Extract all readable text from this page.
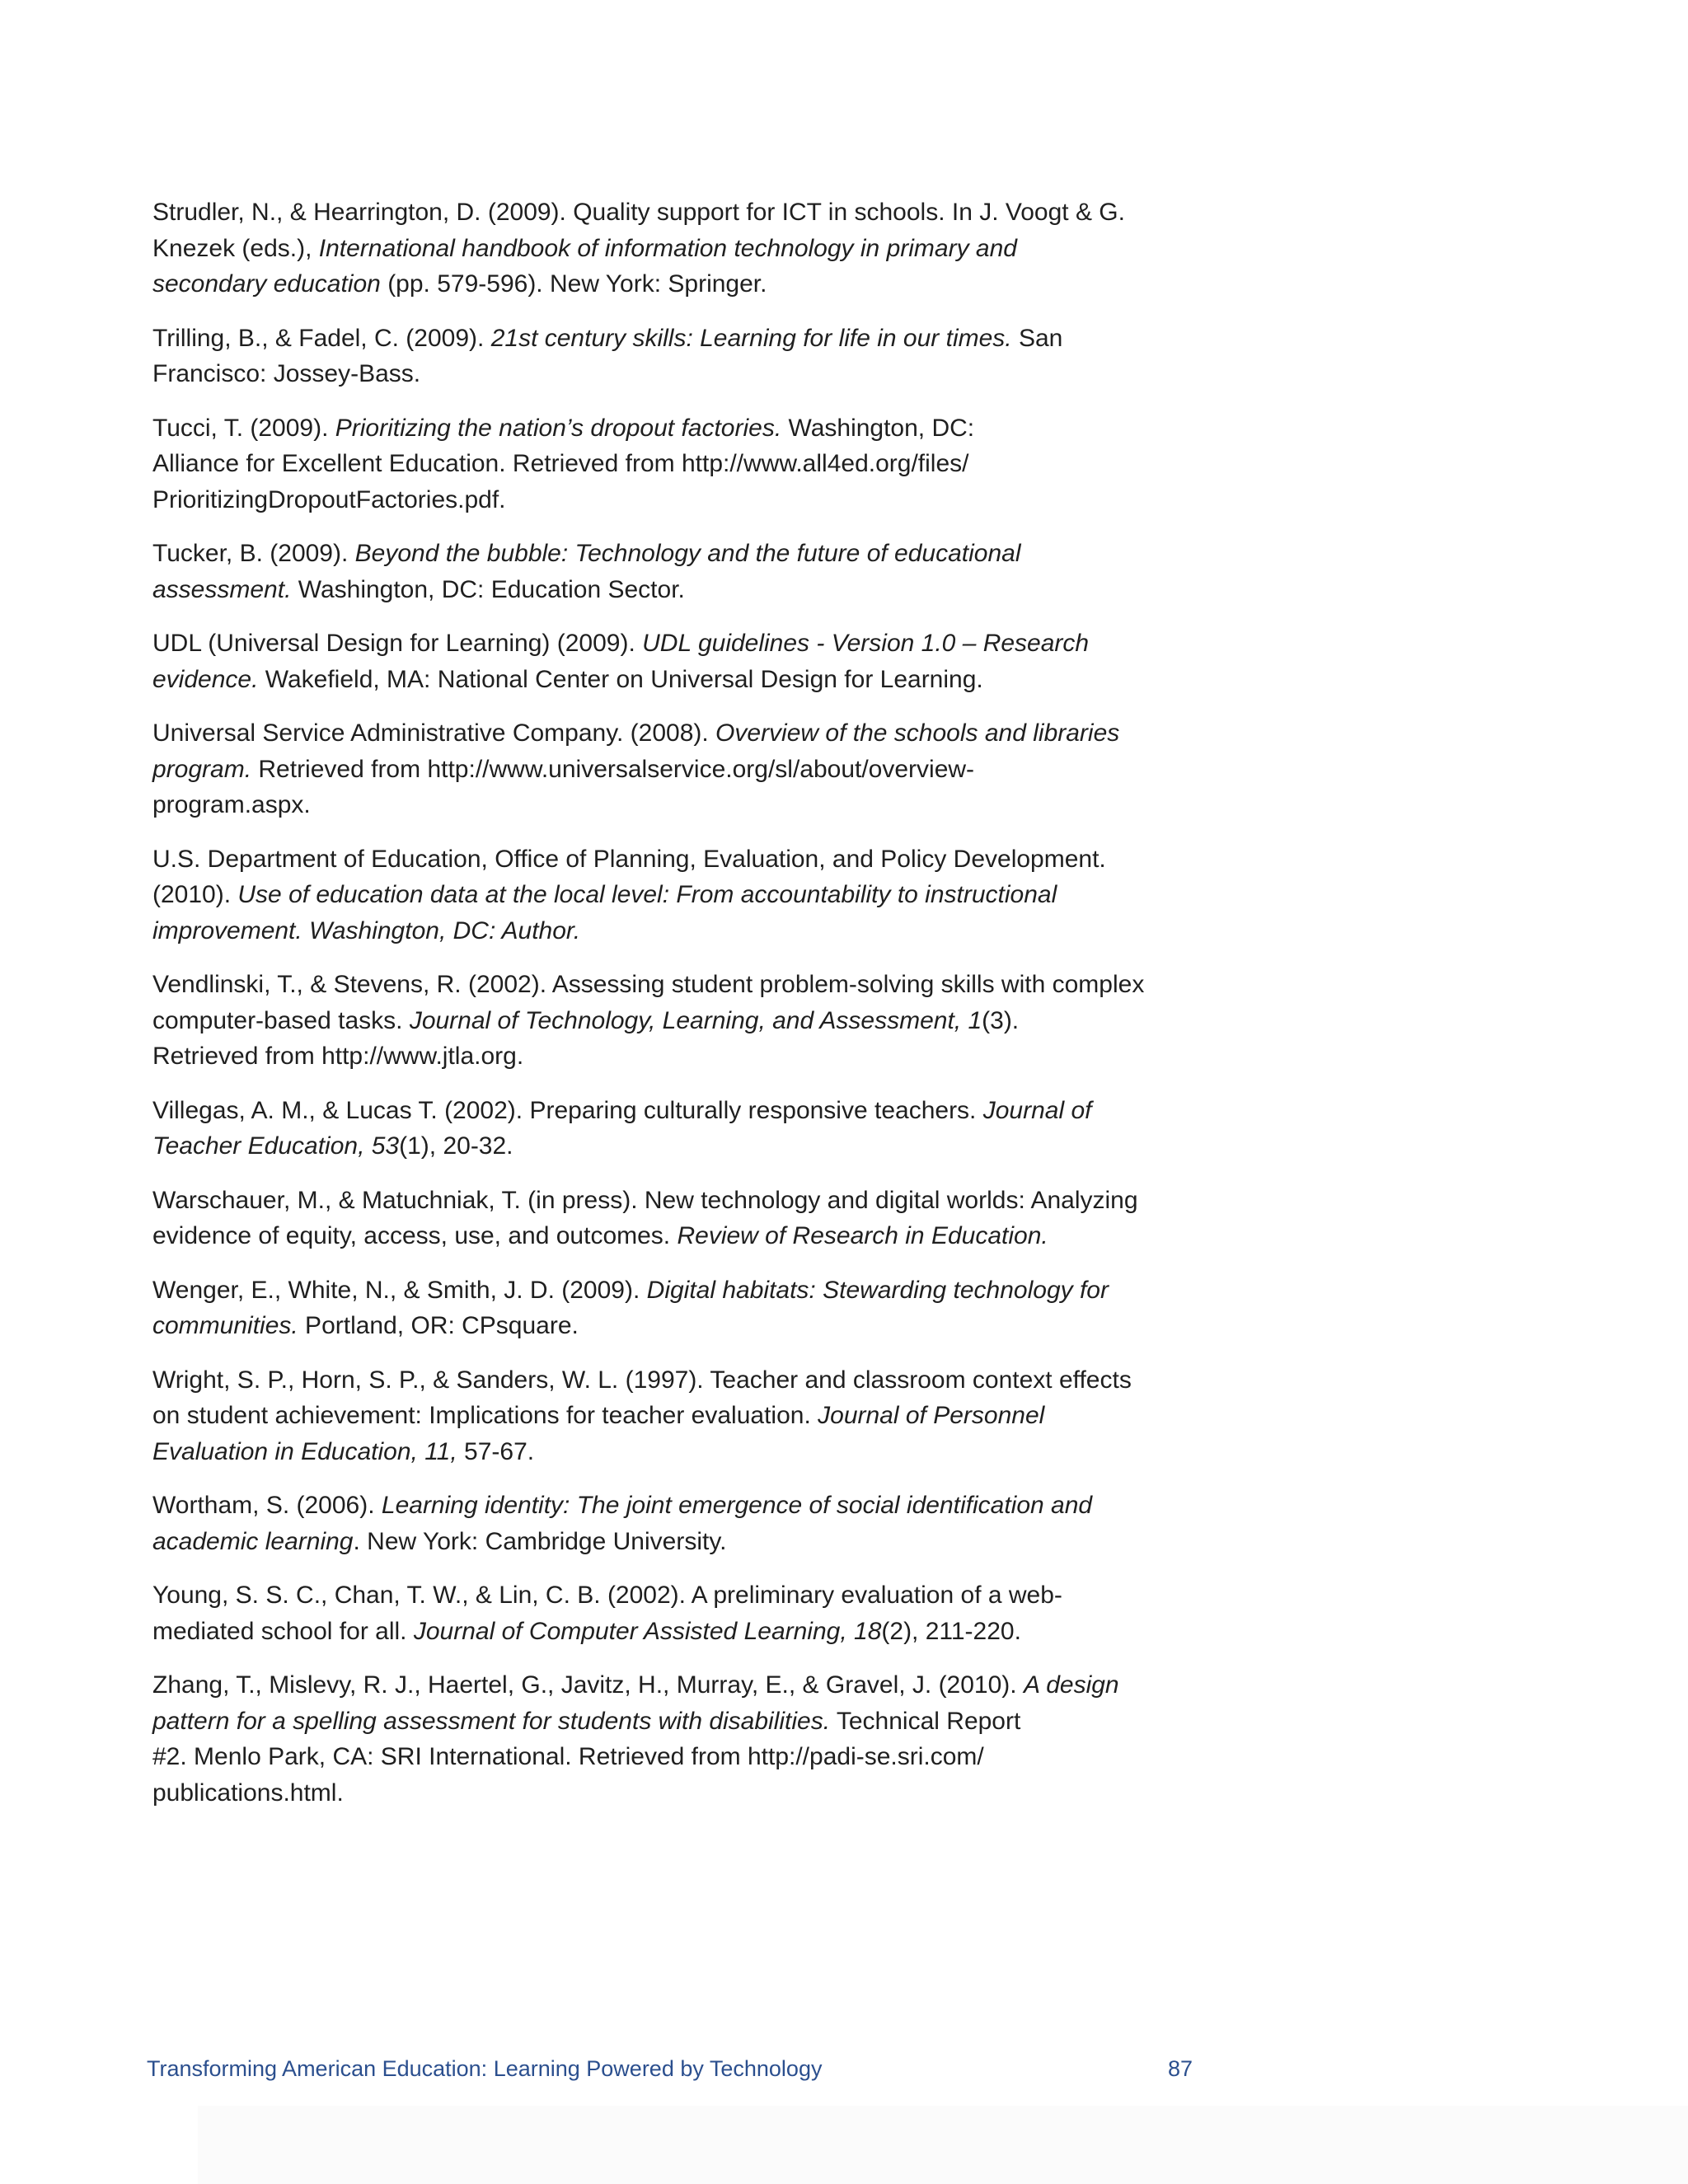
Strudler, N., & Hearrington, D. (2009). Quality support for ICT in schools. In J. Voogt & G.
Knezek (eds.), International handbook of information technology in primary and
secondary education (pp. 579-596). New York: Springer.
Trilling, B., & Fadel, C. (2009). 21st century skills: Learning for life in our times. San
Francisco: Jossey-Bass.
Tucci, T. (2009). Prioritizing the nation’s dropout factories. Washington, DC:
Alliance for Excellent Education. Retrieved from http://www.all4ed.org/files/
PrioritizingDropoutFactories.pdf.
Tucker, B. (2009). Beyond the bubble: Technology and the future of educational
assessment. Washington, DC: Education Sector.
UDL (Universal Design for Learning) (2009). UDL guidelines - Version 1.0 – Research
evidence. Wakefield, MA: National Center on Universal Design for Learning.
Universal Service Administrative Company. (2008). Overview of the schools and libraries
program. Retrieved from http://www.universalservice.org/sl/about/overview-
program.aspx.
U.S. Department of Education, Office of Planning, Evaluation, and Policy Development.
(2010). Use of education data at the local level: From accountability to instructional
improvement. Washington, DC: Author.
Vendlinski, T., & Stevens, R. (2002). Assessing student problem-solving skills with complex
computer-based tasks. Journal of Technology, Learning, and Assessment, 1(3).
Retrieved from http://www.jtla.org.
Villegas, A. M., & Lucas T. (2002). Preparing culturally responsive teachers. Journal of
Teacher Education, 53(1), 20-32.
Warschauer, M., & Matuchniak, T. (in press). New technology and digital worlds: Analyzing
evidence of equity, access, use, and outcomes. Review of Research in Education.
Wenger, E., White, N., & Smith, J. D. (2009). Digital habitats: Stewarding technology for
communities. Portland, OR: CPsquare.
Wright, S. P., Horn, S. P., & Sanders, W. L. (1997). Teacher and classroom context effects
on student achievement: Implications for teacher evaluation. Journal of Personnel
Evaluation in Education, 11, 57-67.
Wortham, S. (2006). Learning identity: The joint emergence of social identification and
academic learning. New York: Cambridge University.
Young, S. S. C., Chan, T. W., & Lin, C. B. (2002). A preliminary evaluation of a web-
mediated school for all. Journal of Computer Assisted Learning, 18(2), 211-220.
Zhang, T., Mislevy, R. J., Haertel, G., Javitz, H., Murray, E., & Gravel, J. (2010). A design
pattern for a spelling assessment for students with disabilities. Technical Report
#2. Menlo Park, CA: SRI International. Retrieved from http://padi-se.sri.com/
publications.html.
Transforming American Education: Learning Powered by Technology	87
